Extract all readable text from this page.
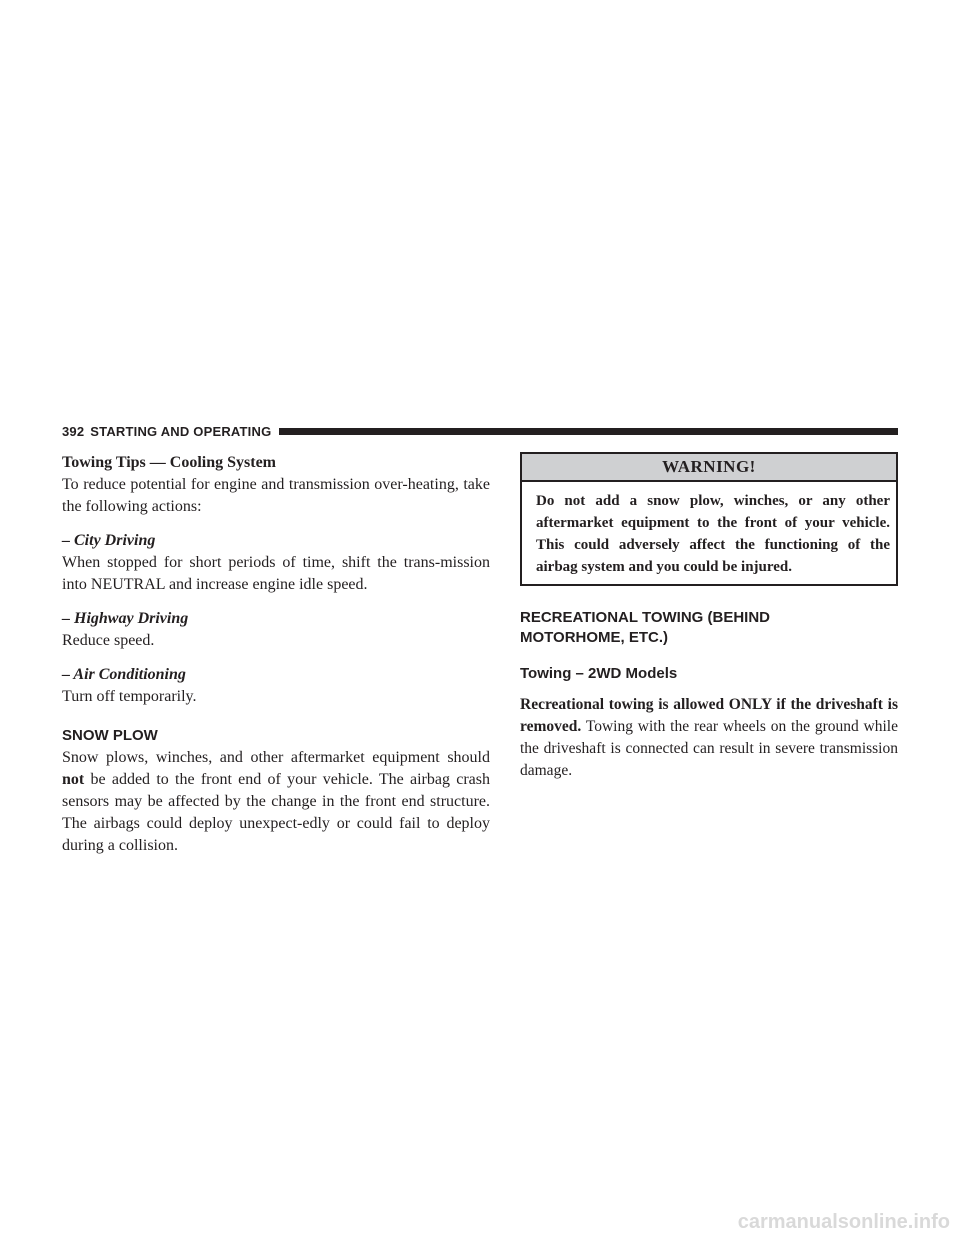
392 STARTING AND OPERATING
Towing Tips — Cooling System

To reduce potential for engine and transmission over-heating, take the following actions:

– City Driving

When stopped for short periods of time, shift the trans-mission into NEUTRAL and increase engine idle speed.

– Highway Driving

Reduce speed.

– Air Conditioning

Turn off temporarily.

SNOW PLOW

Snow plows, winches, and other aftermarket equipment should not be added to the front end of your vehicle. The airbag crash sensors may be affected by the change in the front end structure. The airbags could deploy unexpect-edly or could fail to deploy during a collision.

WARNING!
Do not add a snow plow, winches, or any other aftermarket equipment to the front of your vehicle. This could adversely affect the functioning of the airbag system and you could be injured.
RECREATIONAL TOWING (BEHIND
MOTORHOME, ETC.)
Towing – 2WD Models

Recreational towing is allowed ONLY if the driveshaft is removed. Towing with the rear wheels on the ground while the driveshaft is connected can result in severe transmission damage.

carmanualsonline.info
